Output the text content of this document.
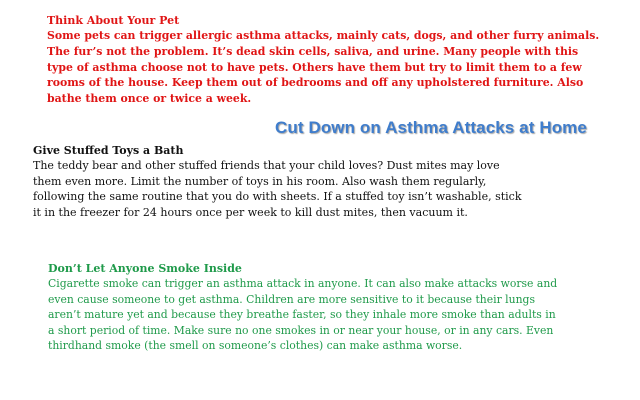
Think About Your Pet

Some pets can trigger allergic asthma attacks, mainly cats, dogs, and other furry animals.
The fur’s not the problem. It’s dead skin cells, saliva, and urine. Many people with this
type of asthma choose not to have pets. Others have them but try to limit them to a few
rooms of the house. Keep them out of bedrooms and off any upholstered furniture. Also
bathe them once or twice a week.
Cut Down on Asthma Attacks at Home

Give Stuffed Toys a Bath

The teddy bear and other stuffed friends that your child loves? Dust mites may love
them even more. Limit the number of toys in his room. Also wash them regularly,
following the same routine that you do with sheets. If a stuffed toy isn’t washable, stick
it in the freezer for 24 hours once per week to kill dust mites, then vacuum it.

Don’t Let Anyone Smoke Inside

Cigarette smoke can trigger an asthma attack in anyone. It can also make attacks worse and
even cause someone to get asthma. Children are more sensitive to it because their lungs
aren’t mature yet and because they breathe faster, so they inhale more smoke than adults in
a short period of time. Make sure no one smokes in or near your house, or in any cars. Even
thirdhand smoke (the smell on someone’s clothes) can make asthma worse.
